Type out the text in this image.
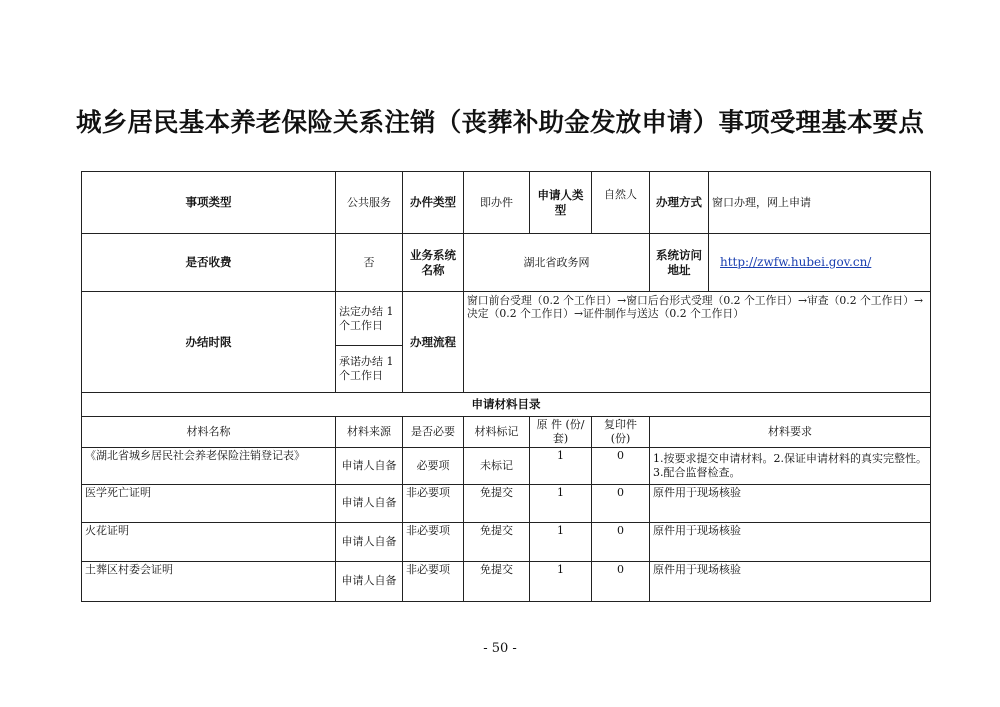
城乡居民基本养老保险关系注销（丧葬补助金发放申请）事项受理基本要点
事项类型	公共服务	办件类型	即办件	申请人类型	自然人	办理方式	窗口办理，网上申请
是否收费	否	业务系统名称	湖北省政务网			系统访问地址	http://zwfw.hubei.gov.cn/
办结时限	法定办结 1 个工作日	办理流程	窗口前台受理（0.2 个工作日）→窗口后台形式受理（0.2 个工作日）→审查（0.2 个工作日）→决定（0.2 个工作日）→证件制作与送达（0.2 个工作日）				
	承诺办结 1 个工作日						
申请材料目录							
材料名称	材料来源	是否必要	材料标记	原 件 (份/套)	复印件 (份)	材料要求	
《湖北省城乡居民社会养老保险注销登记表》	申请人自备	必要项	未标记	1	0	1.按要求提交申请材料。2.保证申请材料的真实完整性。3.配合监督检查。	
医学死亡证明	申请人自备	非必要项	免提交	1	0	原件用于现场核验	
火花证明	申请人自备	非必要项	免提交	1	0	原件用于现场核验	
土葬区村委会证明	申请人自备	非必要项	免提交	1	0	原件用于现场核验	
- 50 -
